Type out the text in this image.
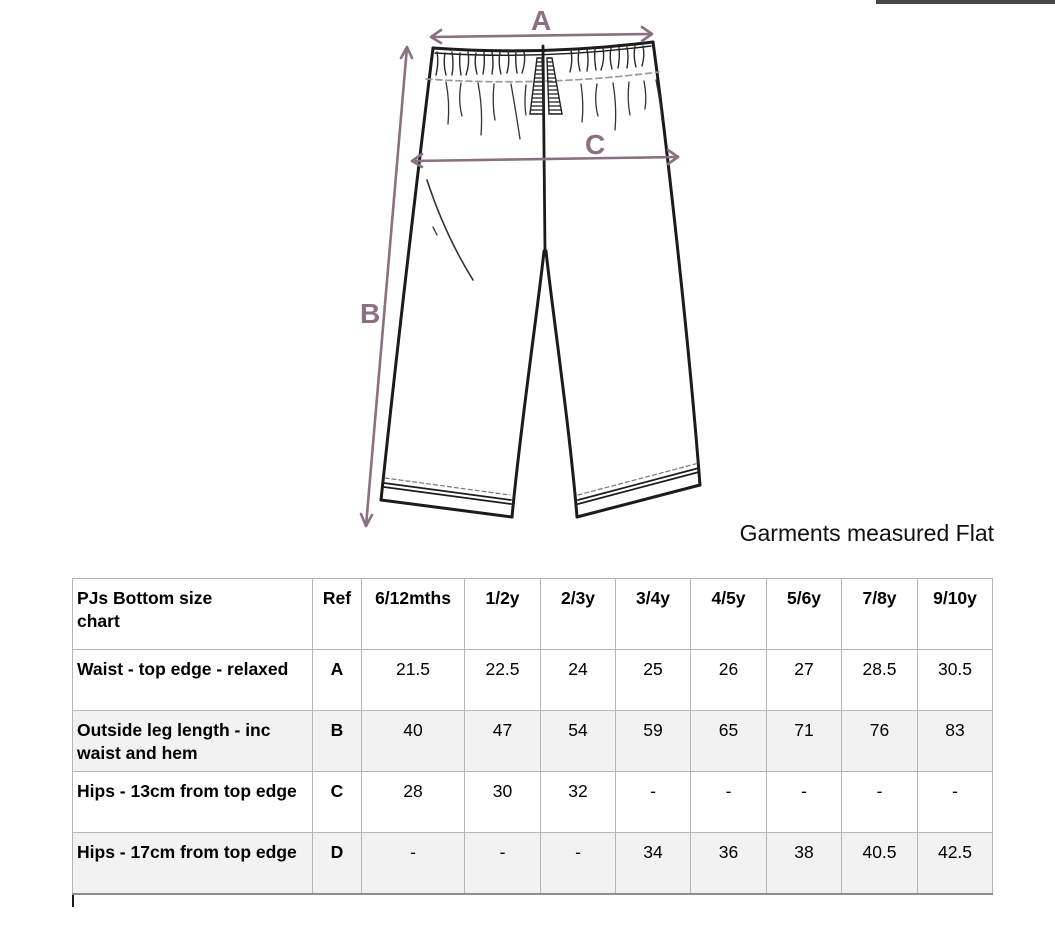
A
B
C
Garments measured Flat
PJs Bottom size chart	Ref	6/12mths	1/2y	2/3y	3/4y	4/5y	5/6y	7/8y	9/10y
Waist - top edge - relaxed	A	21.5	22.5	24	25	26	27	28.5	30.5
Outside leg length - inc waist and hem	B	40	47	54	59	65	71	76	83
Hips - 13cm from top edge	C	28	30	32	-	-	-	-	-
Hips - 17cm from top edge	D	-	-	-	34	36	38	40.5	42.5
